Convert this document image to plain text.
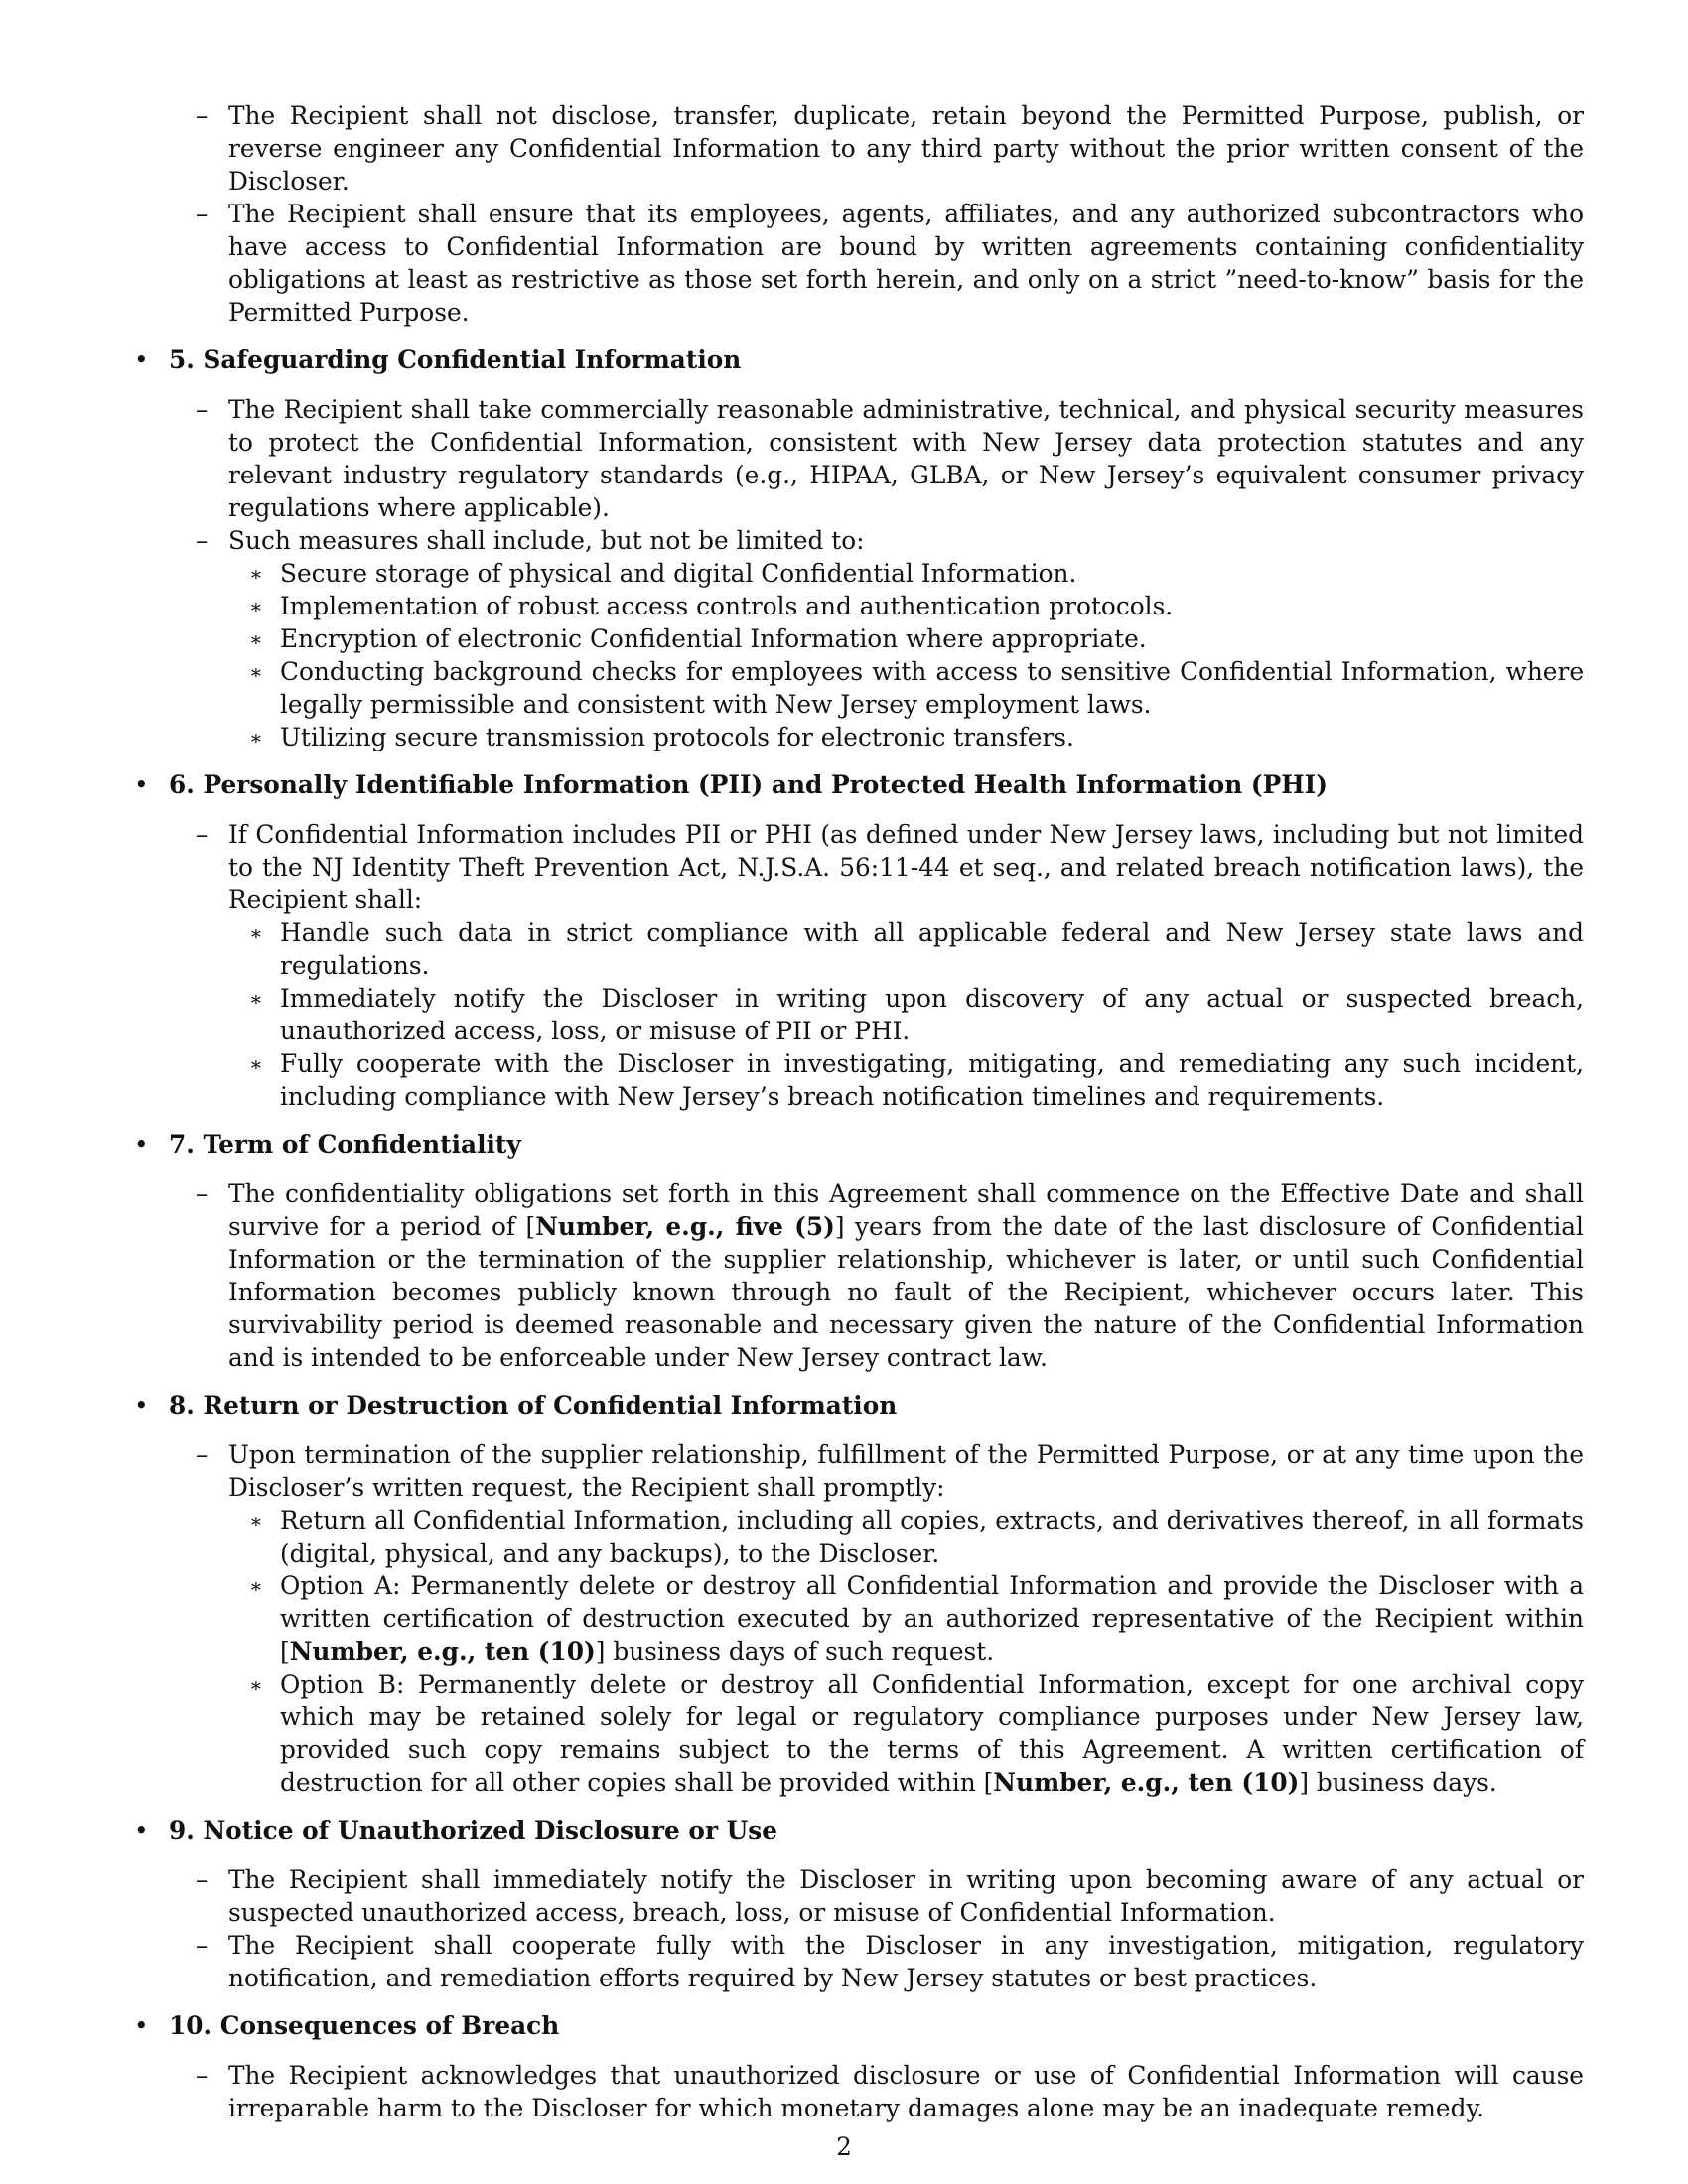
– The Recipient shall not disclose, transfer, duplicate, retain beyond the Permitted Purpose, publish, or reverse engineer any Confidential Information to any third party without the prior written consent of the Discloser.
– The Recipient shall ensure that its employees, agents, affiliates, and any authorized subcontractors who have access to Confidential Information are bound by written agreements containing confidentiality obligations at least as restrictive as those set forth herein, and only on a strict ”need-to-know” basis for the Permitted Purpose.
• 5. Safeguarding Confidential Information
– The Recipient shall take commercially reasonable administrative, technical, and physical security measures to protect the Confidential Information, consistent with New Jersey data protection statutes and any relevant industry regulatory standards (e.g., HIPAA, GLBA, or New Jersey’s equivalent consumer privacy regulations where applicable).
– Such measures shall include, but not be limited to:
∗ Secure storage of physical and digital Confidential Information.
∗ Implementation of robust access controls and authentication protocols.
∗ Encryption of electronic Confidential Information where appropriate.
∗ Conducting background checks for employees with access to sensitive Confidential Information, where legally permissible and consistent with New Jersey employment laws.
∗ Utilizing secure transmission protocols for electronic transfers.
• 6. Personally Identifiable Information (PII) and Protected Health Information (PHI)
– If Confidential Information includes PII or PHI (as defined under New Jersey laws, including but not limited to the NJ Identity Theft Prevention Act, N.J.S.A. 56:11-44 et seq., and related breach notification laws), the Recipient shall:
∗ Handle such data in strict compliance with all applicable federal and New Jersey state laws and regulations.
∗ Immediately notify the Discloser in writing upon discovery of any actual or suspected breach, unauthorized access, loss, or misuse of PII or PHI.
∗ Fully cooperate with the Discloser in investigating, mitigating, and remediating any such incident, including compliance with New Jersey’s breach notification timelines and requirements.
• 7. Term of Confidentiality
– The confidentiality obligations set forth in this Agreement shall commence on the Effective Date and shall survive for a period of [Number, e.g., five (5)] years from the date of the last disclosure of Confidential Information or the termination of the supplier relationship, whichever is later, or until such Confidential Information becomes publicly known through no fault of the Recipient, whichever occurs later. This survivability period is deemed reasonable and necessary given the nature of the Confidential Information and is intended to be enforceable under New Jersey contract law.
• 8. Return or Destruction of Confidential Information
– Upon termination of the supplier relationship, fulfillment of the Permitted Purpose, or at any time upon the Discloser’s written request, the Recipient shall promptly:
∗ Return all Confidential Information, including all copies, extracts, and derivatives thereof, in all formats (digital, physical, and any backups), to the Discloser.
∗ Option A: Permanently delete or destroy all Confidential Information and provide the Discloser with a written certification of destruction executed by an authorized representative of the Recipient within [Number, e.g., ten (10)] business days of such request.
∗ Option B: Permanently delete or destroy all Confidential Information, except for one archival copy which may be retained solely for legal or regulatory compliance purposes under New Jersey law, provided such copy remains subject to the terms of this Agreement. A written certification of destruction for all other copies shall be provided within [Number, e.g., ten (10)] business days.
• 9. Notice of Unauthorized Disclosure or Use
– The Recipient shall immediately notify the Discloser in writing upon becoming aware of any actual or suspected unauthorized access, breach, loss, or misuse of Confidential Information.
– The Recipient shall cooperate fully with the Discloser in any investigation, mitigation, regulatory notification, and remediation efforts required by New Jersey statutes or best practices.
• 10. Consequences of Breach
– The Recipient acknowledges that unauthorized disclosure or use of Confidential Information will cause irreparable harm to the Discloser for which monetary damages alone may be an inadequate remedy.
2
